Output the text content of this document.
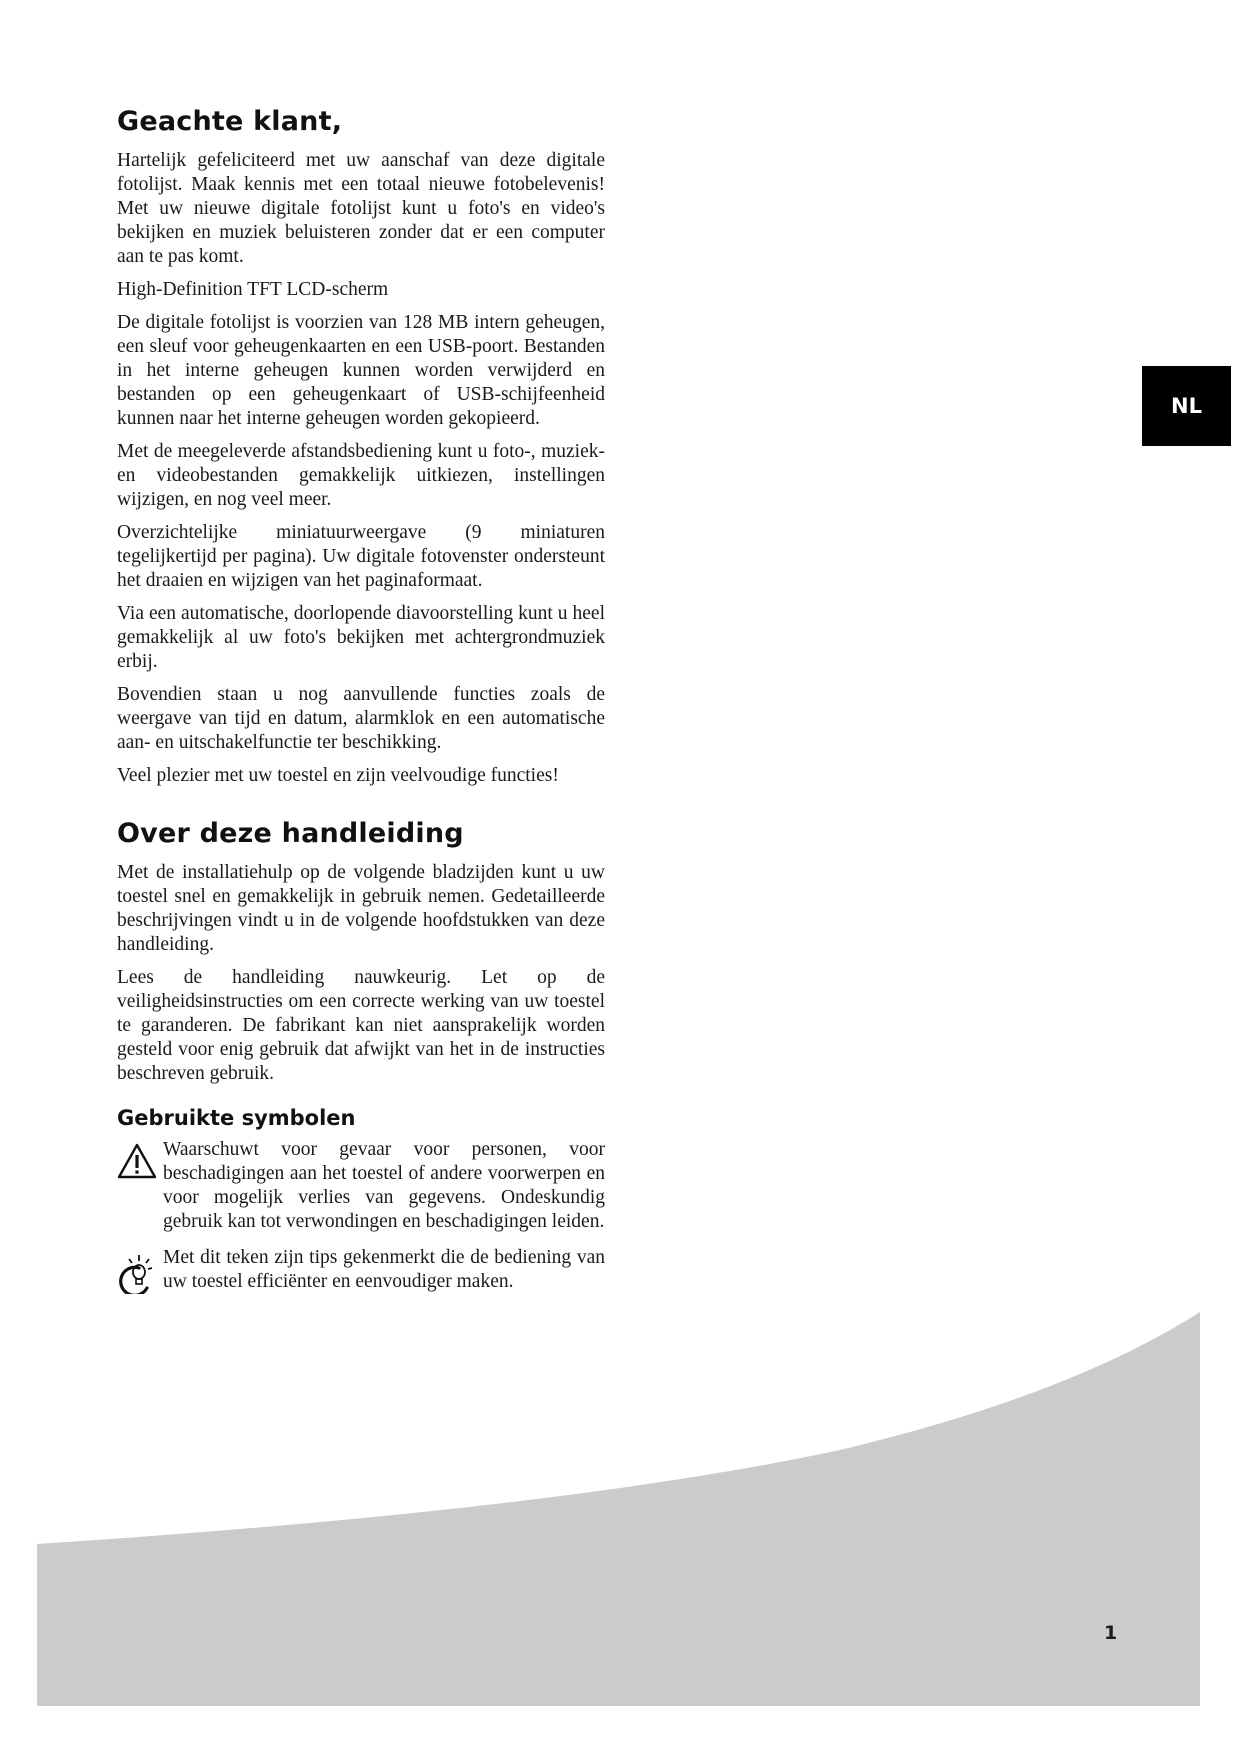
NL
Geachte klant,

Hartelijk gefeliciteerd met uw aanschaf van deze digitale fotolijst. Maak kennis met een totaal nieuwe fotobelevenis! Met uw nieuwe digitale fotolijst kunt u foto's en video's bekijken en muziek beluisteren zonder dat er een computer aan te pas komt.

High-Definition TFT LCD-scherm

De digitale fotolijst is voorzien van 128 MB intern geheugen, een sleuf voor geheugenkaarten en een USB-poort. Bestanden in het interne geheugen kunnen worden verwijderd en bestanden op een geheugenkaart of USB-schijfeenheid kunnen naar het interne geheugen worden gekopieerd.

Met de meegeleverde afstandsbediening kunt u foto-, muziek- en videobestanden gemakkelijk uitkiezen, instellingen wijzigen, en nog veel meer.

Overzichtelijke miniatuurweergave (9 miniaturen tegelijkertijd per pagina). Uw digitale fotovenster ondersteunt het draaien en wijzigen van het paginaformaat.

Via een automatische, doorlopende diavoorstelling kunt u heel gemakkelijk al uw foto's bekijken met achtergrondmuziek erbij.

Bovendien staan u nog aanvullende functies zoals de weergave van tijd en datum, alarmklok en een automatische aan- en uitschakelfunctie ter beschikking.

Veel plezier met uw toestel en zijn veelvoudige functies!

Over deze handleiding

Met de installatiehulp op de volgende bladzijden kunt u uw toestel snel en gemakkelijk in gebruik nemen. Gedetailleerde beschrijvingen vindt u in de volgende hoofdstukken van deze handleiding.

Lees de handleiding nauwkeurig. Let op de veiligheidsinstructies om een correcte werking van uw toestel te garanderen. De fabrikant kan niet aansprakelijk worden gesteld voor enig gebruik dat afwijkt van het in de instructies beschreven gebruik.

Gebruikte symbolen

Waarschuwt voor gevaar voor personen, voor beschadigingen aan het toestel of andere voorwerpen en voor mogelijk verlies van gegevens. Ondeskundig gebruik kan tot verwondingen en beschadigingen leiden.

Met dit teken zijn tips gekenmerkt die de bediening van uw toestel efficiënter en eenvoudiger maken.

1
